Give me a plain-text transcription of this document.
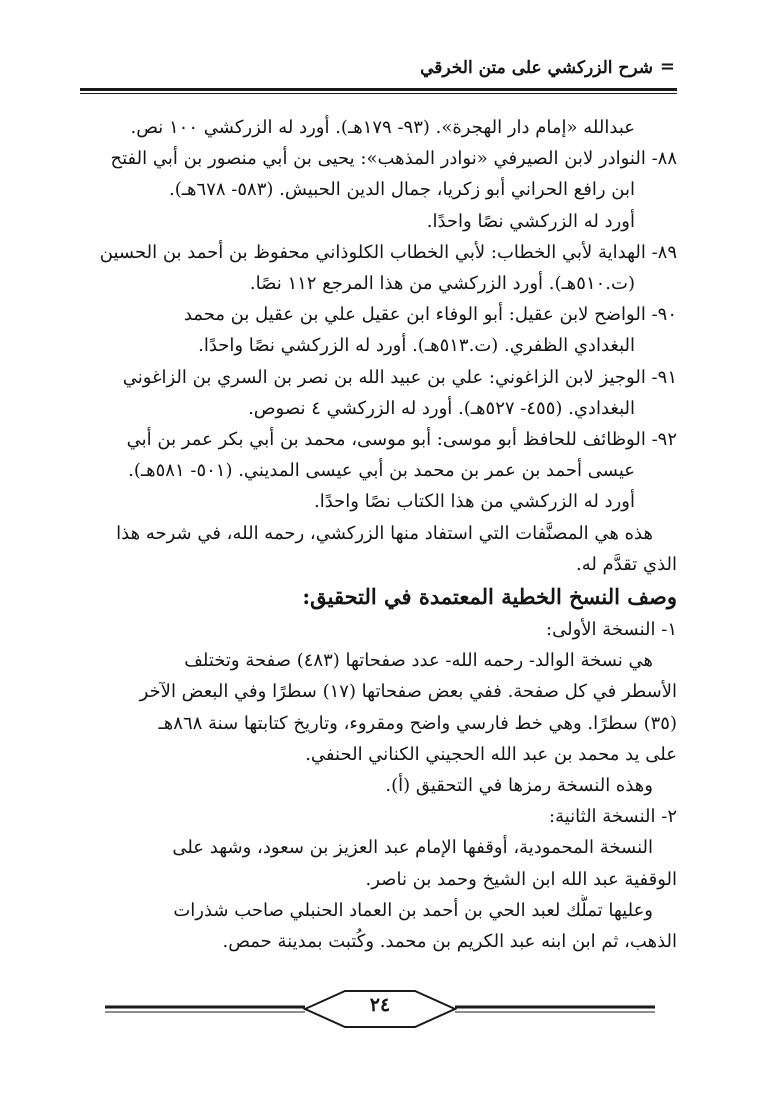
=
شرح الزركشي على متن الخرقي
عبدالله «إمام دار الهجرة». (٩٣- ١٧٩هـ). أورد له الزركشي ١٠٠ نص.
٨٨- النوادر لابن الصيرفي «نوادر المذهب»: يحيى بن أبي منصور بن أبي الفتح
ابن رافع الحراني أبو زكريا، جمال الدين الحبيش. (٥٨٣- ٦٧٨هـ).
أورد له الزركشي نصًا واحدًا.
٨٩- الهداية لأبي الخطاب: لأبي الخطاب الكلوذاني محفوظ بن أحمد بن الحسين
(ت.٥١٠هـ). أورد الزركشي من هذا المرجع ١١٢ نصًا.
٩٠- الواضح لابن عقيل: أبو الوفاء ابن عقيل علي بن عقيل بن محمد
البغدادي الظفري. (ت.٥١٣هـ). أورد له الزركشي نصًا واحدًا.
٩١- الوجيز لابن الزاغوني: علي بن عبيد الله بن نصر بن السري بن الزاغوني
البغدادي. (٤٥٥- ٥٢٧هـ). أورد له الزركشي ٤ نصوص.
٩٢- الوظائف للحافظ أبو موسى: أبو موسى، محمد بن أبي بكر عمر بن أبي
عيسى أحمد بن عمر بن محمد بن أبي عيسى المديني. (٥٠١- ٥٨١هـ).
أورد له الزركشي من هذا الكتاب نصًا واحدًا.
هذه هي المصنَّفات التي استفاد منها الزركشي، رحمه الله، في شرحه هذا
الذي تقدَّم له.
وصف النسخ الخطية المعتمدة في التحقيق:
١- النسخة الأولى:
هي نسخة الوالد- رحمه الله- عدد صفحاتها (٤٨٣) صفحة وتختلف
الأسطر في كل صفحة. ففي بعض صفحاتها (١٧) سطرًا وفي البعض الآخر
(٣٥) سطرًا. وهي خط فارسي واضح ومقروء، وتاريخ كتابتها سنة ٨٦٨هـ
على يد محمد بن عبد الله الحجيني الكناني الحنفي.
وهذه النسخة رمزها في التحقيق (أ).
٢- النسخة الثانية:
النسخة المحمودية، أوقفها الإمام عبد العزيز بن سعود، وشهد على
الوقفية عبد الله ابن الشيخ وحمد بن ناصر.
وعليها تملُّك لعبد الحي بن أحمد بن العماد الحنبلي صاحب شذرات
الذهب، ثم ابن ابنه عبد الكريم بن محمد. وكُتبت بمدينة حمص.
٢٤
